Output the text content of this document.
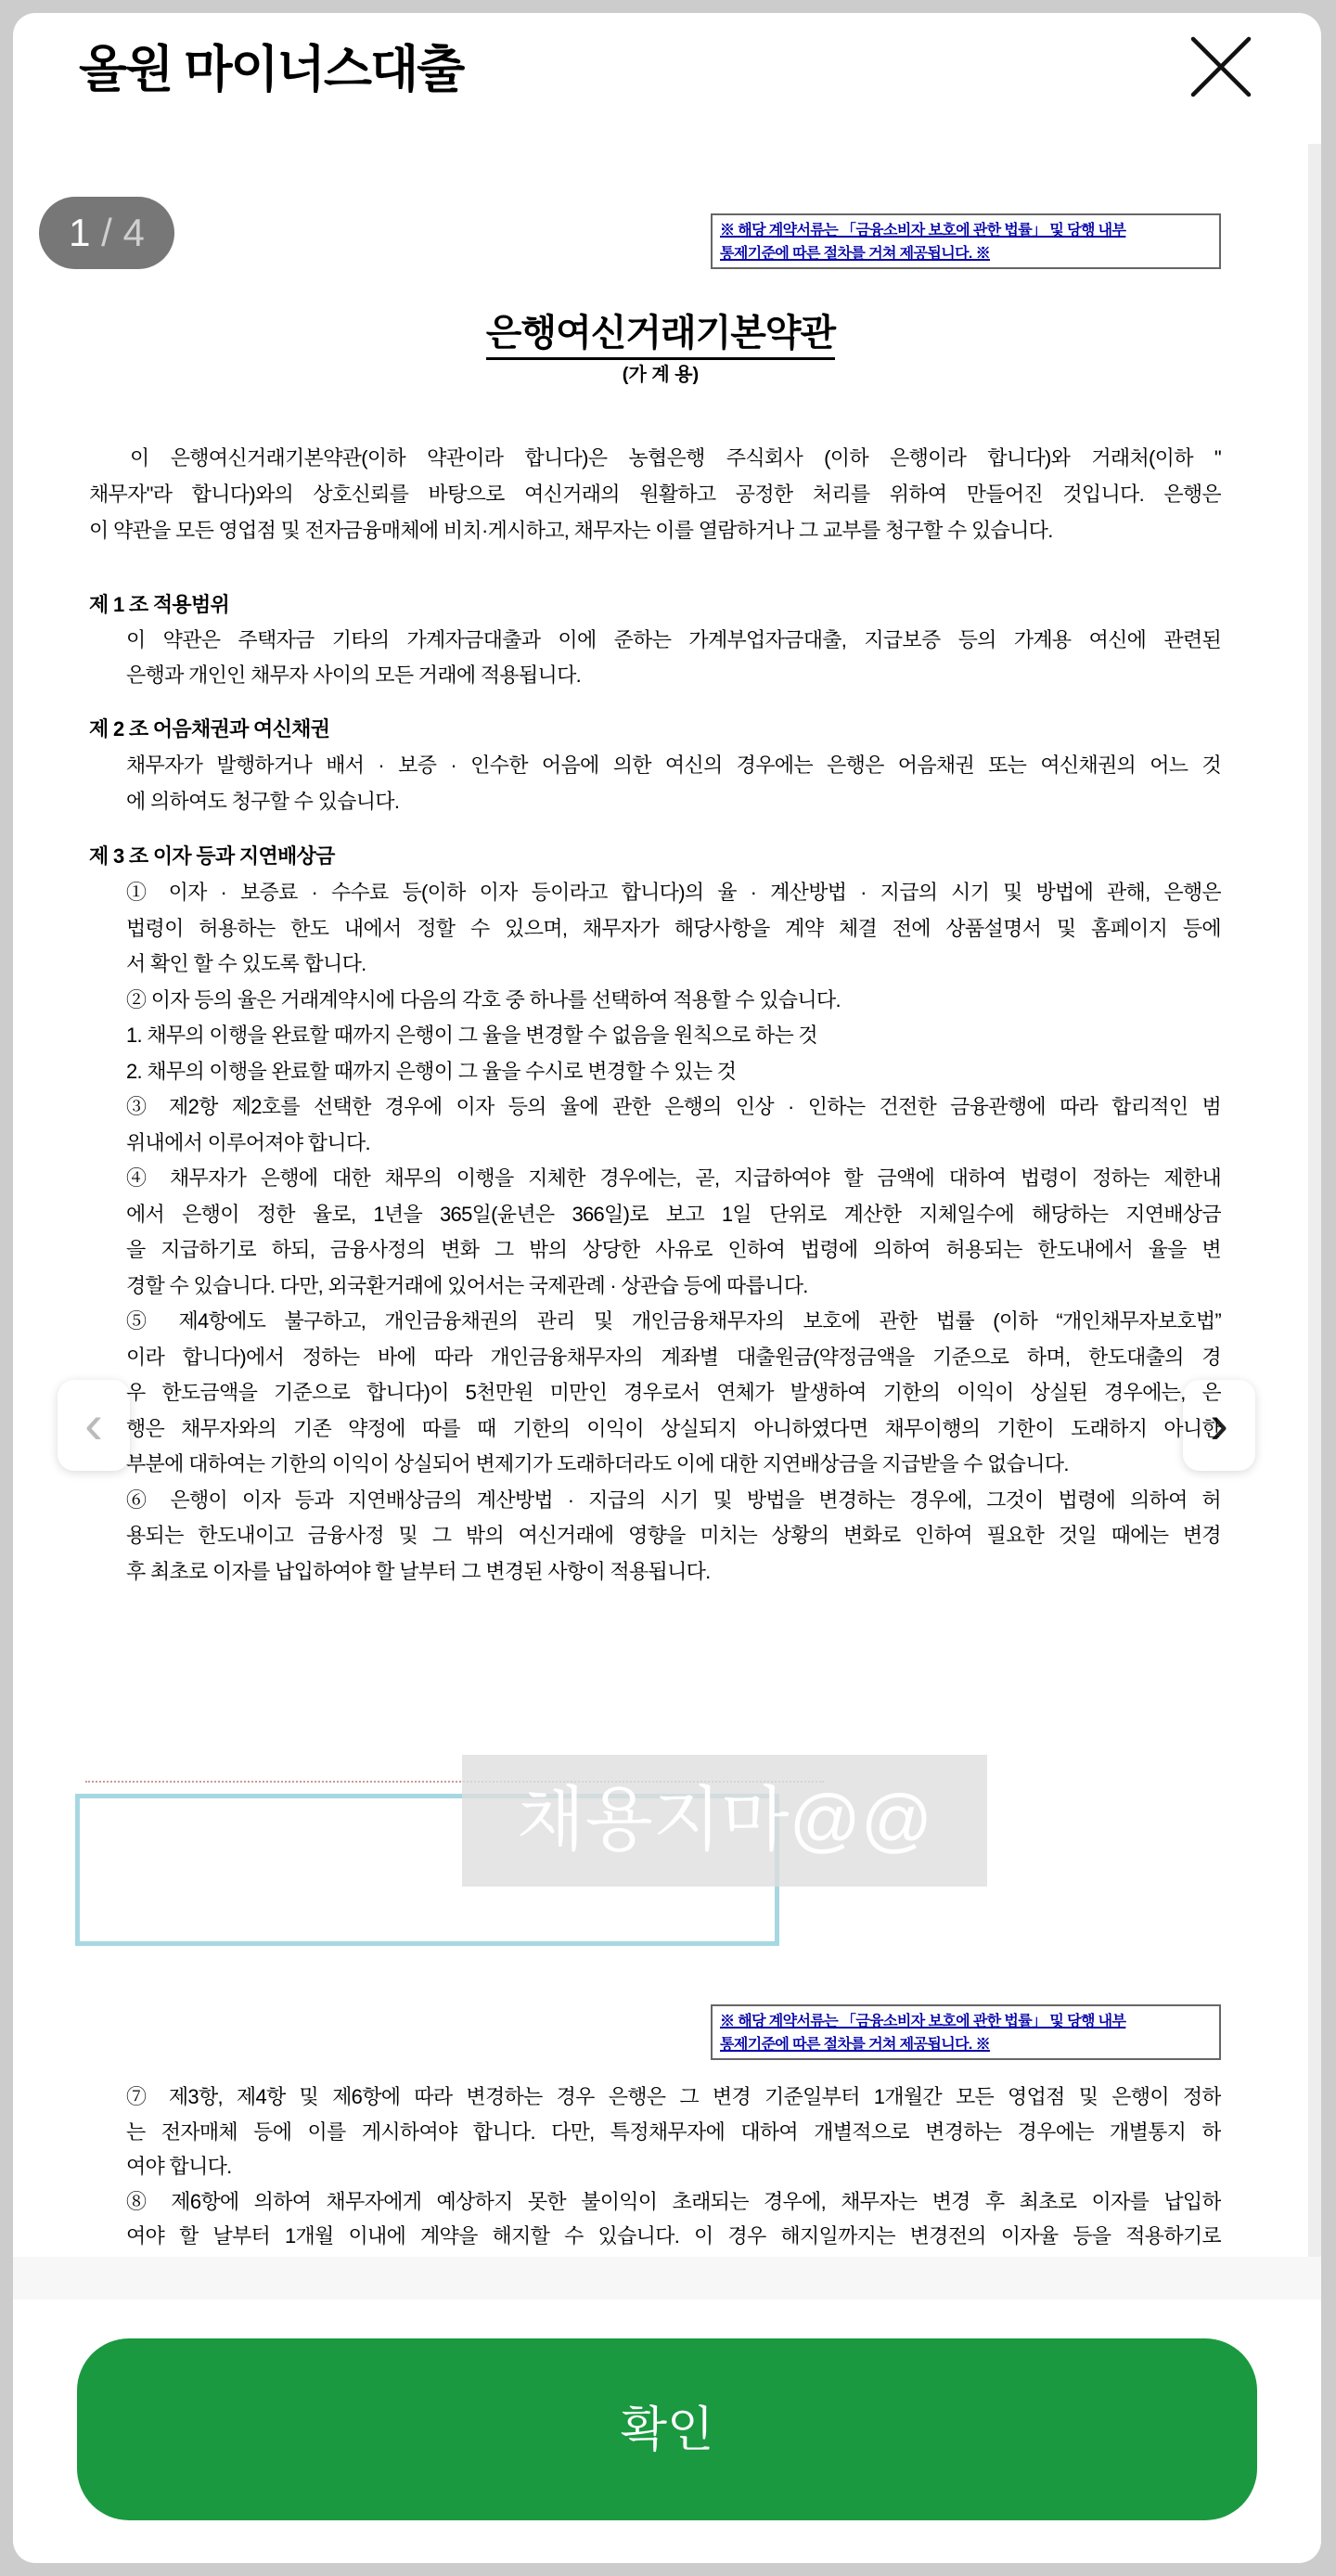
올원 마이너스대출
1 / 4	※ 해당 계약서류는 「금융소비자 보호에 관한 법률」 및 당행 내부
통제기준에 따른 절차를 거쳐 제공됩니다. ※
은행여신거래기본약관
(가 계 용)
채용지마@@
※ 해당 계약서류는 「금융소비자 보호에 관한 법률」 및 당행 내부
통제기준에 따른 절차를 거쳐 제공됩니다. ※
‹	›
이 은행여신거래기본약관(이하 약관이라 합니다)은 농협은행 주식회사 (이하 은행이라 합니다)와 거래처(이하 "
채무자"라 합니다)와의 상호신뢰를 바탕으로 여신거래의 원활하고 공정한 처리를 위하여 만들어진 것입니다. 은행은
이 약관을 모든 영업점 및 전자금융매체에 비치·게시하고, 채무자는 이를 열람하거나 그 교부를 청구할 수 있습니다.
제 1 조 적용범위
이 약관은 주택자금 기타의 가계자금대출과 이에 준하는 가계부업자금대출, 지급보증 등의 가계용 여신에 관련된
은행과 개인인 채무자 사이의 모든 거래에 적용됩니다.
제 2 조 어음채권과 여신채권
채무자가 발행하거나 배서 · 보증 · 인수한 어음에 의한 여신의 경우에는 은행은 어음채권 또는 여신채권의 어느 것
에 의하여도 청구할 수 있습니다.
제 3 조 이자 등과 지연배상금
① 이자 · 보증료 · 수수료 등(이하 이자 등이라고 합니다)의 율 · 계산방법 · 지급의 시기 및 방법에 관해, 은행은
법령이 허용하는 한도 내에서 정할 수 있으며, 채무자가 해당사항을 계약 체결 전에 상품설명서 및 홈페이지 등에
서 확인 할 수 있도록 합니다.
② 이자 등의 율은 거래계약시에 다음의 각호 중 하나를 선택하여 적용할 수 있습니다.
1. 채무의 이행을 완료할 때까지 은행이 그 율을 변경할 수 없음을 원칙으로 하는 것
2. 채무의 이행을 완료할 때까지 은행이 그 율을 수시로 변경할 수 있는 것
③ 제2항 제2호를 선택한 경우에 이자 등의 율에 관한 은행의 인상 · 인하는 건전한 금융관행에 따라 합리적인 범
위내에서 이루어져야 합니다.
④ 채무자가 은행에 대한 채무의 이행을 지체한 경우에는, 곧, 지급하여야 할 금액에 대하여 법령이 정하는 제한내
에서 은행이 정한 율로, 1년을 365일(윤년은 366일)로 보고 1일 단위로 계산한 지체일수에 해당하는 지연배상금
을 지급하기로 하되, 금융사정의 변화 그 밖의 상당한 사유로 인하여 법령에 의하여 허용되는 한도내에서 율을 변
경할 수 있습니다. 다만, 외국환거래에 있어서는 국제관례 · 상관습 등에 따릅니다.
⑤ 제4항에도 불구하고, 개인금융채권의 관리 및 개인금융채무자의 보호에 관한 법률 (이하 “개인채무자보호법”
이라 합니다)에서 정하는 바에 따라 개인금융채무자의 계좌별 대출원금(약정금액을 기준으로 하며, 한도대출의 경
우 한도금액을 기준으로 합니다)이 5천만원 미만인 경우로서 연체가 발생하여 기한의 이익이 상실된 경우에는, 은
행은 채무자와의 기존 약정에 따를 때 기한의 이익이 상실되지 아니하였다면 채무이행의 기한이 도래하지 아니한
부분에 대하여는 기한의 이익이 상실되어 변제기가 도래하더라도 이에 대한 지연배상금을 지급받을 수 없습니다.
⑥ 은행이 이자 등과 지연배상금의 계산방법 · 지급의 시기 및 방법을 변경하는 경우에, 그것이 법령에 의하여 허
용되는 한도내이고 금융사정 및 그 밖의 여신거래에 영향을 미치는 상황의 변화로 인하여 필요한 것일 때에는 변경
후 최초로 이자를 납입하여야 할 날부터 그 변경된 사항이 적용됩니다.
⑦ 제3항, 제4항 및 제6항에 따라 변경하는 경우 은행은 그 변경 기준일부터 1개월간 모든 영업점 및 은행이 정하
는 전자매체 등에 이를 게시하여야 합니다. 다만, 특정채무자에 대하여 개별적으로 변경하는 경우에는 개별통지 하
여야 합니다.
⑧ 제6항에 의하여 채무자에게 예상하지 못한 불이익이 초래되는 경우에, 채무자는 변경 후 최초로 이자를 납입하
여야 할 날부터 1개월 이내에 계약을 해지할 수 있습니다. 이 경우 해지일까지는 변경전의 이자율 등을 적용하기로
확인
